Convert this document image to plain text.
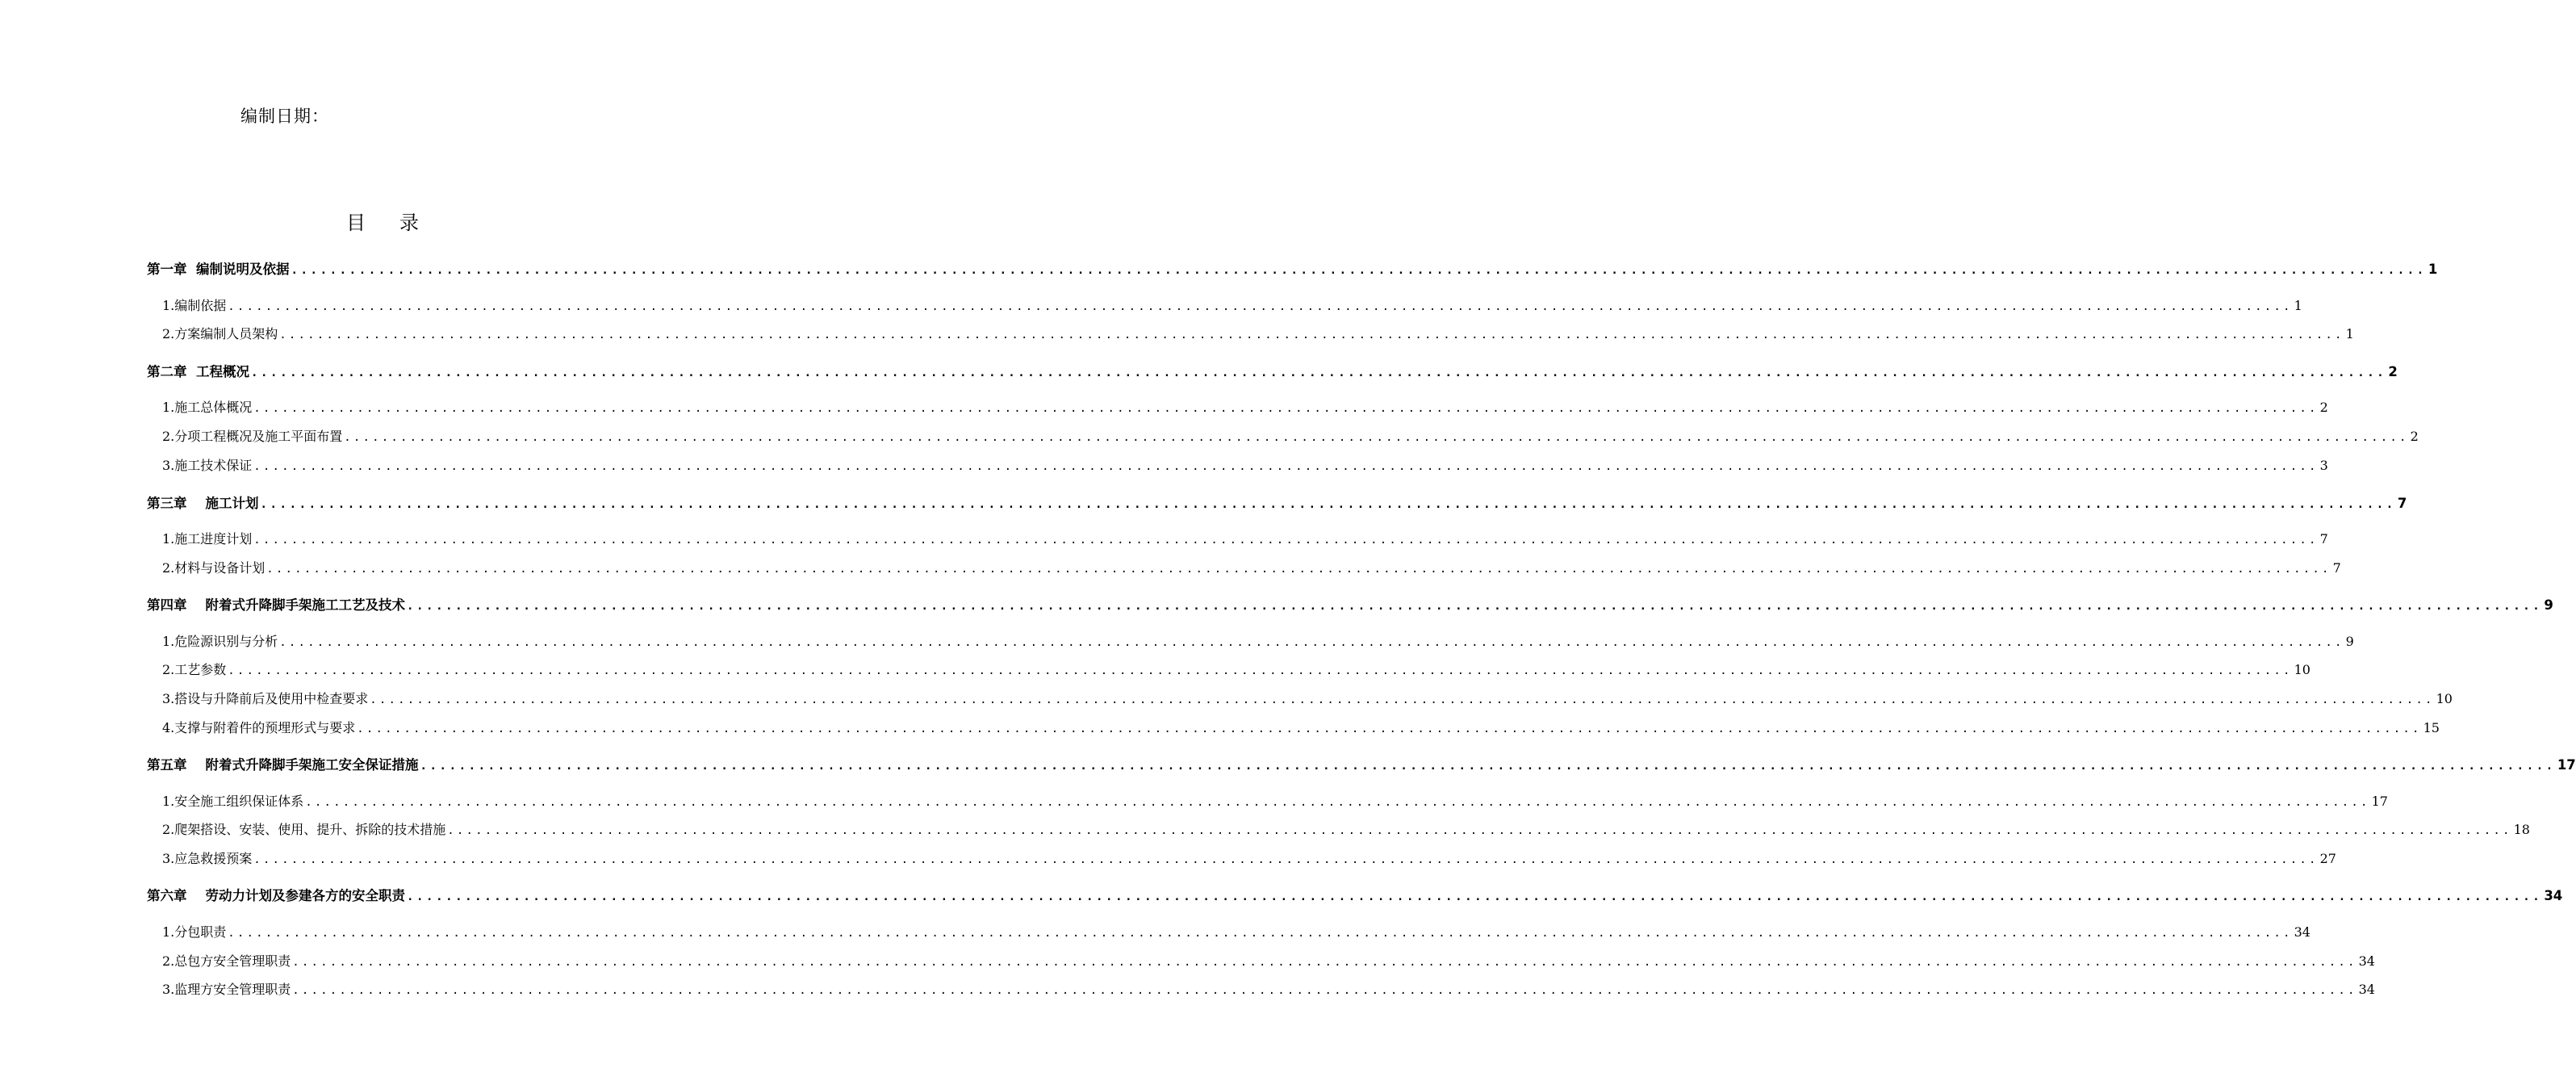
编制日期：
目录
第一章  编制说明及依据 ............................................................................................................................................................................................................................ 1
1.编制依据 ............................................................................................................................................................................................................................ 1
2.方案编制人员架构 ............................................................................................................................................................................................................................ 1
第二章  工程概况 ............................................................................................................................................................................................................................ 2
1.施工总体概况 ............................................................................................................................................................................................................................ 2
2.分项工程概况及施工平面布置 ............................................................................................................................................................................................................................ 2
3.施工技术保证 ............................................................................................................................................................................................................................ 3
第三章    施工计划 ............................................................................................................................................................................................................................ 7
1.施工进度计划 ............................................................................................................................................................................................................................ 7
2.材料与设备计划 ............................................................................................................................................................................................................................ 7
第四章    附着式升降脚手架施工工艺及技术 ............................................................................................................................................................................................................................ 9
1.危险源识别与分析 ............................................................................................................................................................................................................................ 9
2.工艺参数 ............................................................................................................................................................................................................................ 10
3.搭设与升降前后及使用中检查要求 ............................................................................................................................................................................................................................ 10
4.支撑与附着件的预埋形式与要求 ............................................................................................................................................................................................................................ 15
第五章    附着式升降脚手架施工安全保证措施 ............................................................................................................................................................................................................................ 17
1.安全施工组织保证体系 ............................................................................................................................................................................................................................ 17
2.爬架搭设、安装、使用、提升、拆除的技术措施 ............................................................................................................................................................................................................................ 18
3.应急救援预案 ............................................................................................................................................................................................................................ 27
第六章    劳动力计划及参建各方的安全职责 ............................................................................................................................................................................................................................ 34
1.分包职责 ............................................................................................................................................................................................................................ 34
2.总包方安全管理职责 ............................................................................................................................................................................................................................ 34
3.监理方安全管理职责 ............................................................................................................................................................................................................................ 34
